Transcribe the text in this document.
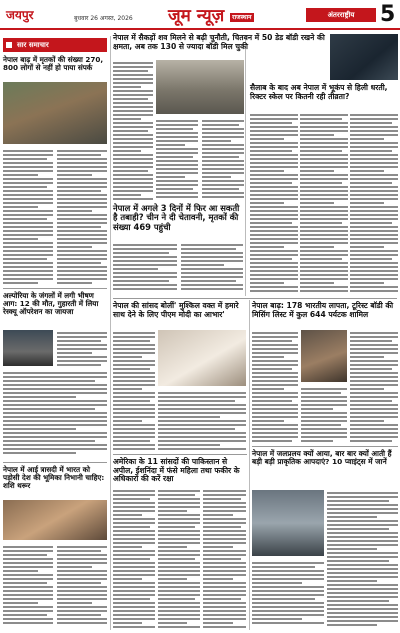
जयपुर	बुधवार 26 अगस्त, 2026 जूम न्यूज़ राजस्थान	अंतरराष्ट्रीय	5
सार समाचार
नेपाल बाढ़ में मृतकों की संख्या 270, 800 लोगों से नहीं हो पाया संपर्क
अल्पोरिया के जंगलों में लगी भीषण आग: 12 की मौत, गुहारती में लिया रेस्क्यू ऑपरेशन का जायजा
नेपाल में आई त्रासदी में भारत को पड़ोसी देश की भूमिका निभानी चाहिए: शशि थरूर
नेपाल में सैकड़ों शव मिलने से बढ़ी चुनौती, चितवन में 50 डेड बॉडी रखने की क्षमता, अब तक 130 से ज्यादा बॉडी मिल चुकी
नेपाल में अगले 3 दिनों में फिर आ सकती है तबाही? चीन ने दी चेतावनी, मृतकों की संख्या 469 पहुंची
नेपाल की सांसद बोलीं' मुश्किल वक्त में हमारे साथ देने के लिए पीएम मोदी का आभार'
अमेरिका के 11 सांसदों की पाकिस्तान से अपील, ईशनिंदा में फंसे महिला तथा फकीर के अधिकारों की करें रक्षा
सैलाब के बाद अब नेपाल में भूकंप से हिली धरती, रिक्टर स्केल पर कितनी रही तीव्रता?
नेपाल बाढ़: 178 भारतीय लापता, टूरिस्ट बॉडी की मिसिंग लिस्ट में कुल 644 पर्यटक शामिल
नेपाल में जलप्रलय क्यों आया, बार बार क्यों आती हैं बड़ी बड़ी प्राकृतिक आपदाएं? 10 प्वाइंट्स में जानें
